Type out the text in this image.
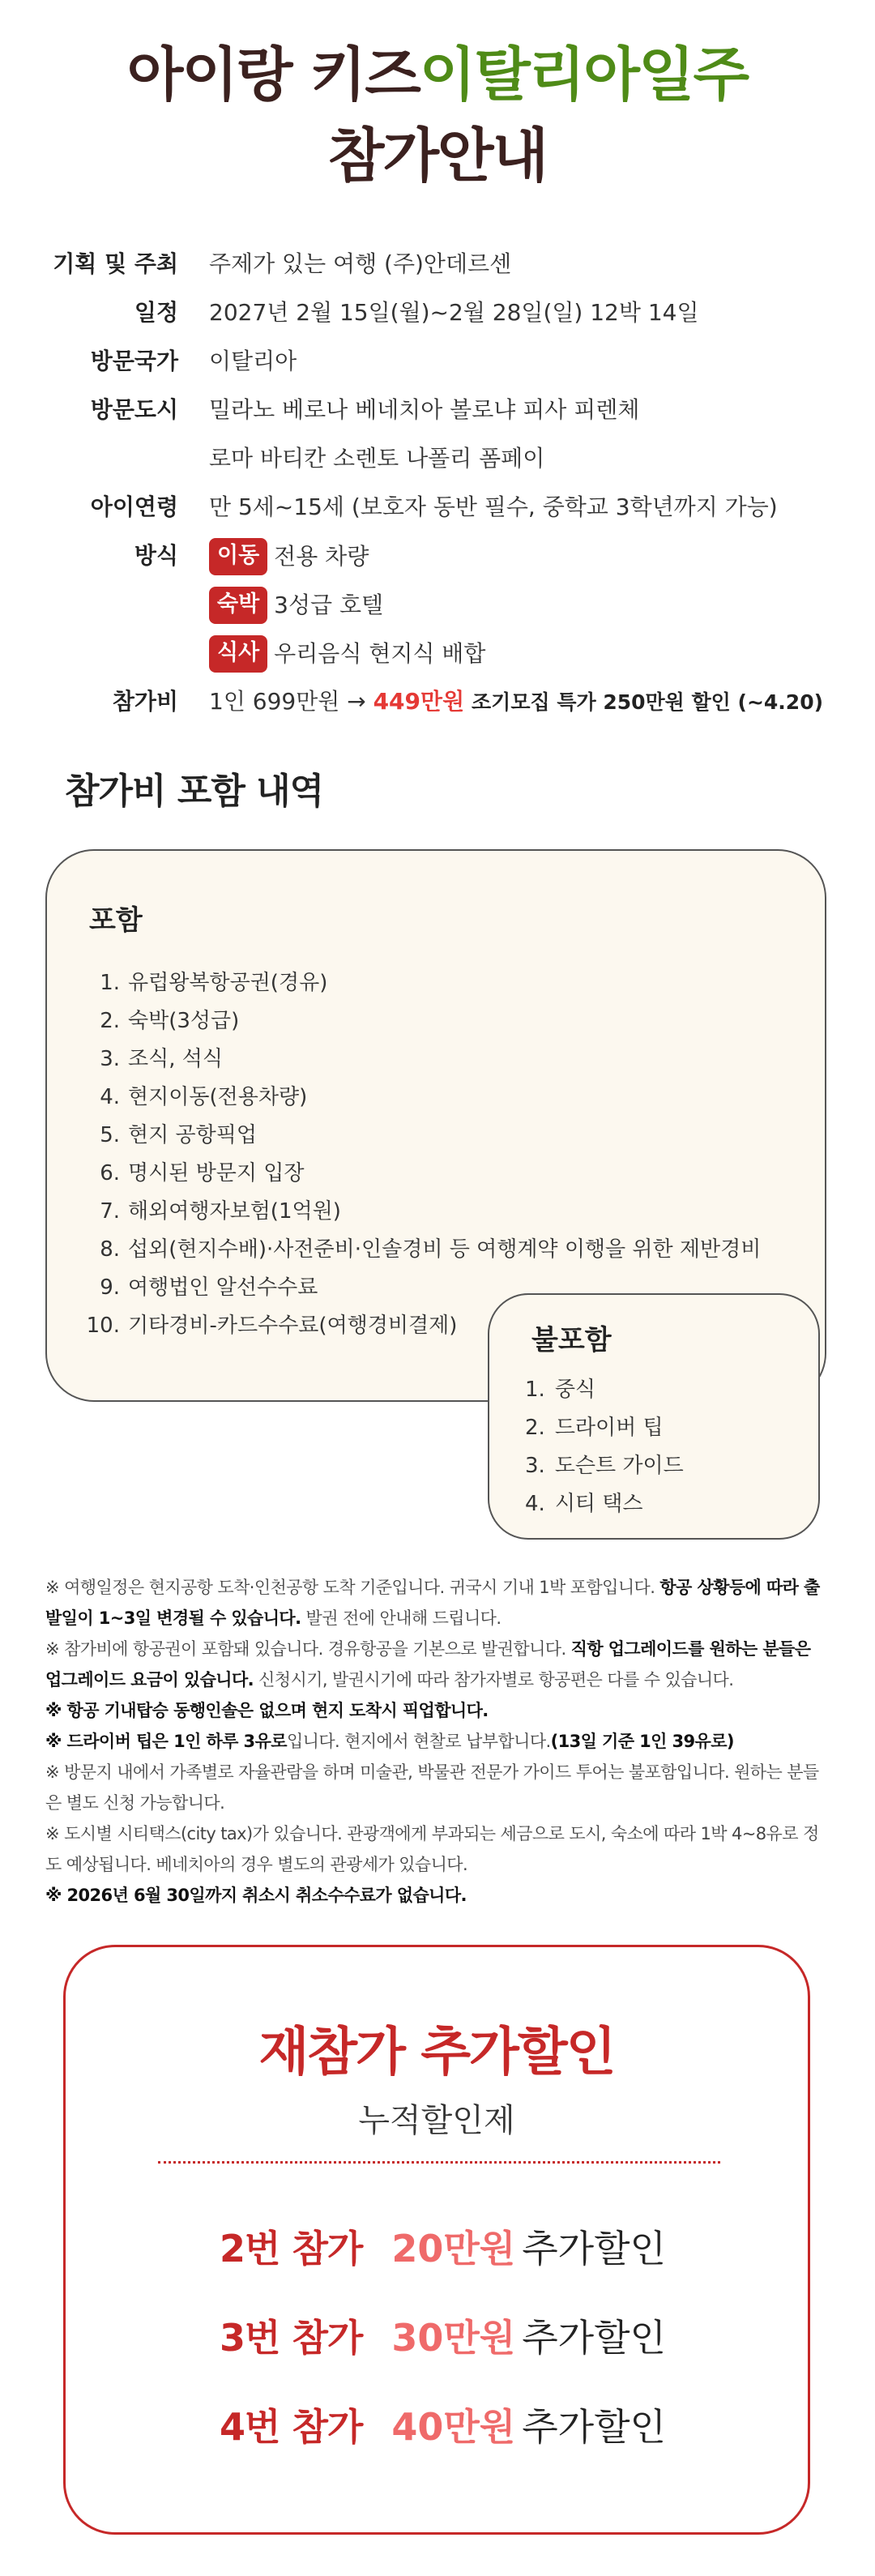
아이랑 키즈이탈리아일주
참가안내
기획 및 주최 주제가 있는 여행 (주)안데르센
일정 2027년 2월 15일(월)~2월 28일(일) 12박 14일
방문국가 이탈리아
방문도시 밀라노 베로나 베네치아 볼로냐 피사 피렌체
로마 바티칸 소렌토 나폴리 폼페이
아이연령 만 5세~15세 (보호자 동반 필수, 중학교 3학년까지 가능)
방식	이동 전용 차량
숙박 3성급 호텔
식사 우리음식 현지식 배합
참가비 1인 699만원 → 449만원 조기모집 특가 250만원 할인 (~4.20)
참가비 포함 내역
포함
1. 유럽왕복항공권(경유)
2. 숙박(3성급)
3. 조식, 석식
4. 현지이동(전용차량)
5. 현지 공항픽업
6. 명시된 방문지 입장
7. 해외여행자보험(1억원)
8. 섭외(현지수배)·사전준비·인솔경비 등 여행계약 이행을 위한 제반경비
9. 여행법인 알선수수료
10. 기타경비-카드수수료(여행경비결제)	불포함
1. 중식
2. 드라이버 팁
3. 도슨트 가이드
4. 시티 택스

※ 여행일정은 현지공항 도착·인천공항 도착 기준입니다. 귀국시 기내 1박 포함입니다. 항공 상황등에 따라 출발일이 1~3일 변경될 수 있습니다. 발권 전에 안내해 드립니다.

※ 참가비에 항공권이 포함돼 있습니다. 경유항공을 기본으로 발권합니다. 직항 업그레이드를 원하는 분들은 업그레이드 요금이 있습니다. 신청시기, 발권시기에 따라 참가자별로 항공편은 다를 수 있습니다.

※ 항공 기내탑승 동행인솔은 없으며 현지 도착시 픽업합니다.

※ 드라이버 팁은 1인 하루 3유로입니다. 현지에서 현찰로 납부합니다.(13일 기준 1인 39유로)

※ 방문지 내에서 가족별로 자율관람을 하며 미술관, 박물관 전문가 가이드 투어는 불포함입니다. 원하는 분들은 별도 신청 가능합니다.

※ 도시별 시티택스(city tax)가 있습니다. 관광객에게 부과되는 세금으로 도시, 숙소에 따라 1박 4~8유로 정도 예상됩니다. 베네치아의 경우 별도의 관광세가 있습니다.

※ 2026년 6월 30일까지 취소시 취소수수료가 없습니다.

재참가 추가할인
누적할인제
2번 참가 20만원 추가할인
3번 참가 30만원 추가할인
4번 참가 40만원 추가할인
